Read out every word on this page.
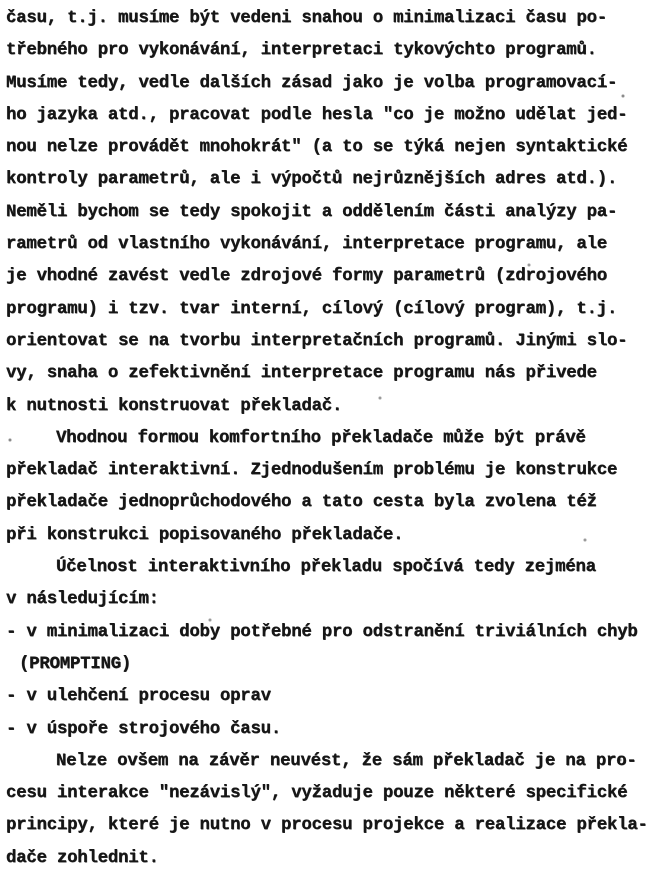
času, t.j. musíme být vedeni snahou o minimalizaci času po-
třebného pro vykonávání, interpretaci tykovýchto programů.
Musíme tedy, vedle dalších zásad jako je volba programovací-
ho jazyka atd., pracovat podle hesla "co je možno udělat jed-
nou nelze provádět mnohokrát" (a to se týká nejen syntaktické
kontroly parametrů, ale i výpočtů nejrůznějších adres atd.).
Neměli bychom se tedy spokojit a oddělením části analýzy pa-
rametrů od vlastního vykonávání, interpretace programu, ale
je vhodné zavést vedle zdrojové formy parametrů (zdrojového
programu) i tzv. tvar interní, cílový (cílový program), t.j.
orientovat se na tvorbu interpretačních programů. Jinými slo-
vy, snaha o zefektivnění interpretace programu nás přivede
k nutnosti konstruovat překladač.
Vhodnou formou komfortního překladače může být právě
překladač interaktivní. Zjednodušením problému je konstrukce
překladače jednoprůchodového a tato cesta byla zvolena též
při konstrukci popisovaného překladače.
Účelnost interaktivního překladu spočívá tedy zejména
v následujícím:
- v minimalizaci doby potřebné pro odstranění triviálních chyb
(PROMPTING)
- v ulehčení procesu oprav
- v úspoře strojového času.
Nelze ovšem na závěr neuvést, že sám překladač je na pro-
cesu interakce "nezávislý", vyžaduje pouze některé specifické
principy, které je nutno v procesu projekce a realizace překla-
dače zohlednit.
